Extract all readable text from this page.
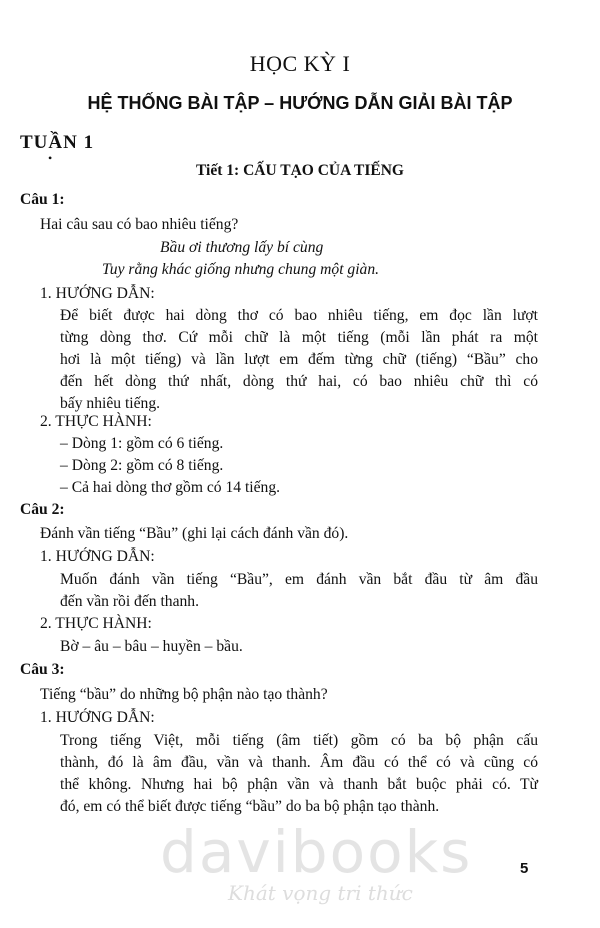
HỌC KỲ I
HỆ THỐNG BÀI TẬP – HƯỚNG DẪN GIẢI BÀI TẬP
TUẦN 1
•
Tiết 1: CẤU TẠO CỦA TIẾNG
Câu 1:
Hai câu sau có bao nhiêu tiếng?
Bầu ơi thương lấy bí cùng
Tuy rằng khác giống nhưng chung một giàn.
1. HƯỚNG DẪN:
Để biết được hai dòng thơ có bao nhiêu tiếng, em đọc lần lượt
từng dòng thơ. Cứ mỗi chữ là một tiếng (mỗi lần phát ra một
hơi là một tiếng) và lần lượt em đếm từng chữ (tiếng) “Bầu” cho
đến hết dòng thứ nhất, dòng thứ hai, có bao nhiêu chữ thì có
bấy nhiêu tiếng.
2. THỰC HÀNH:
– Dòng 1: gồm có 6 tiếng.
– Dòng 2: gồm có 8 tiếng.
– Cả hai dòng thơ gồm có 14 tiếng.
Câu 2:
Đánh vần tiếng “Bầu” (ghi lại cách đánh vần đó).
1. HƯỚNG DẪN:
Muốn đánh vần tiếng “Bầu”, em đánh vần bắt đầu từ âm đầu
đến vần rồi đến thanh.
2. THỰC HÀNH:
Bờ – âu – bâu – huyền – bầu.
Câu 3:
Tiếng “bầu” do những bộ phận nào tạo thành?
1. HƯỚNG DẪN:
Trong tiếng Việt, mỗi tiếng (âm tiết) gồm có ba bộ phận cấu
thành, đó là âm đầu, vần và thanh. Âm đầu có thể có và cũng có
thể không. Nhưng hai bộ phận vần và thanh bắt buộc phải có. Từ
đó, em có thể biết được tiếng “bầu” do ba bộ phận tạo thành.
davibooks
Khát vọng tri thức
5
